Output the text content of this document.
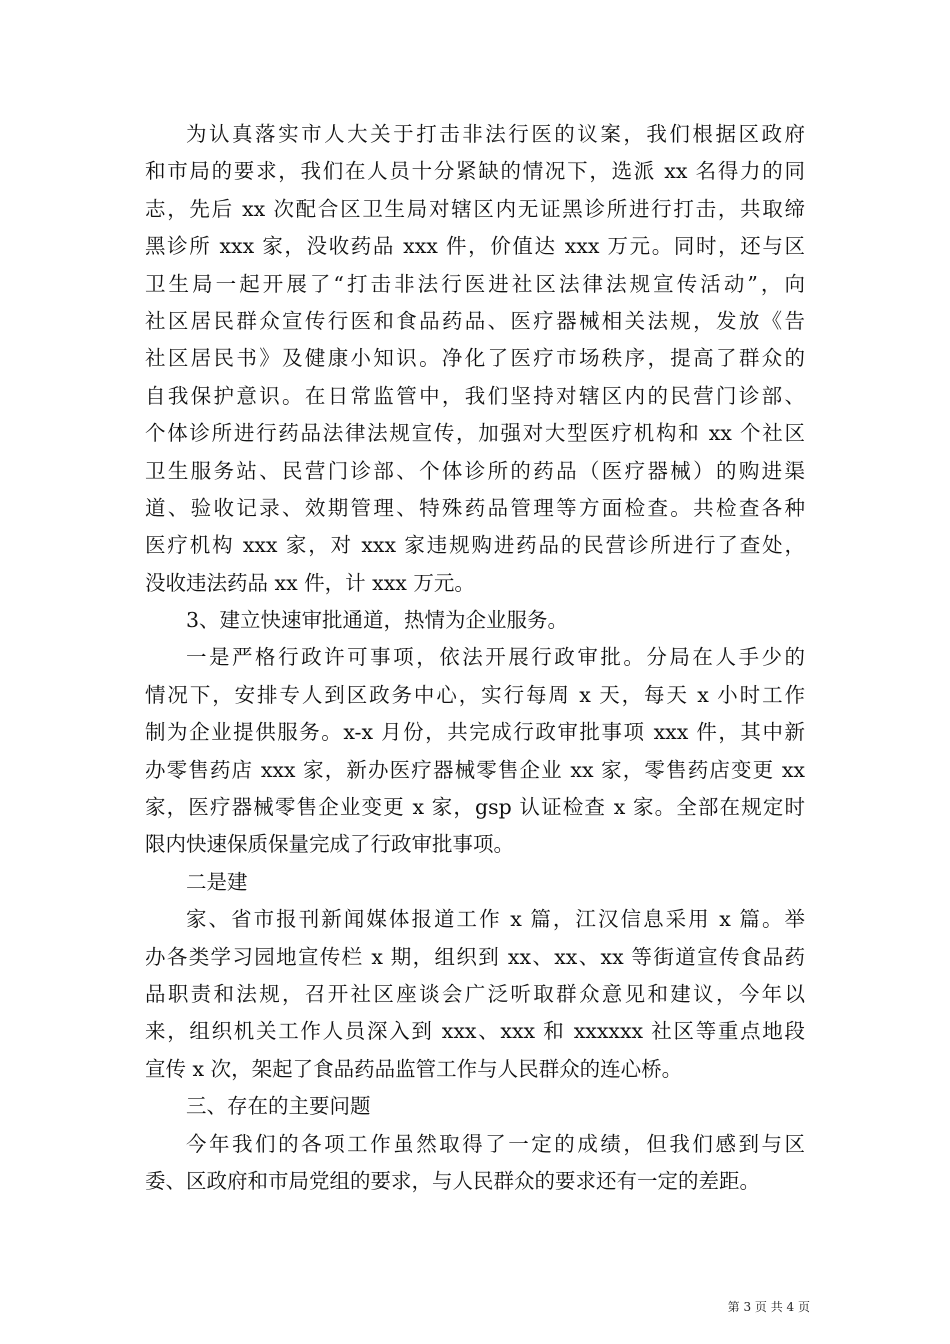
为认真落实市人大关于打击非法行医的议案，我们根据区政府
和市局的要求，我们在人员十分紧缺的情况下，选派 xx 名得力的同
志，先后 xx 次配合区卫生局对辖区内无证黑诊所进行打击，共取缔
黑诊所 xxx 家，没收药品 xxx 件，价值达 xxx 万元。同时，还与区
卫生局一起开展了“打击非法行医进社区法律法规宣传活动”，向
社区居民群众宣传行医和食品药品、医疗器械相关法规，发放《告
社区居民书》及健康小知识。净化了医疗市场秩序，提高了群众的
自我保护意识。在日常监管中，我们坚持对辖区内的民营门诊部、
个体诊所进行药品法律法规宣传，加强对大型医疗机构和 xx 个社区
卫生服务站、民营门诊部、个体诊所的药品（医疗器械）的购进渠
道、验收记录、效期管理、特殊药品管理等方面检查。共检查各种
医疗机构 xxx 家，对 xxx 家违规购进药品的民营诊所进行了查处，
没收违法药品 xx 件，计 xxx 万元。
3、建立快速审批通道，热情为企业服务。
一是严格行政许可事项，依法开展行政审批。分局在人手少的
情况下，安排专人到区政务中心，实行每周 x 天，每天 x 小时工作
制为企业提供服务。x-x 月份，共完成行政审批事项 xxx 件，其中新
办零售药店 xxx 家，新办医疗器械零售企业 xx 家，零售药店变更 xx
家，医疗器械零售企业变更 x 家，gsp 认证检查 x 家。全部在规定时
限内快速保质保量完成了行政审批事项。
二是建
家、省市报刊新闻媒体报道工作 x 篇，江汉信息采用 x 篇。举
办各类学习园地宣传栏 x 期，组织到 xx、xx、xx 等街道宣传食品药
品职责和法规，召开社区座谈会广泛听取群众意见和建议，今年以
来，组织机关工作人员深入到 xxx、xxx 和 xxxxxx 社区等重点地段
宣传 x 次，架起了食品药品监管工作与人民群众的连心桥。
三、存在的主要问题
今年我们的各项工作虽然取得了一定的成绩，但我们感到与区
委、区政府和市局党组的要求，与人民群众的要求还有一定的差距。
第 3 页 共 4 页
